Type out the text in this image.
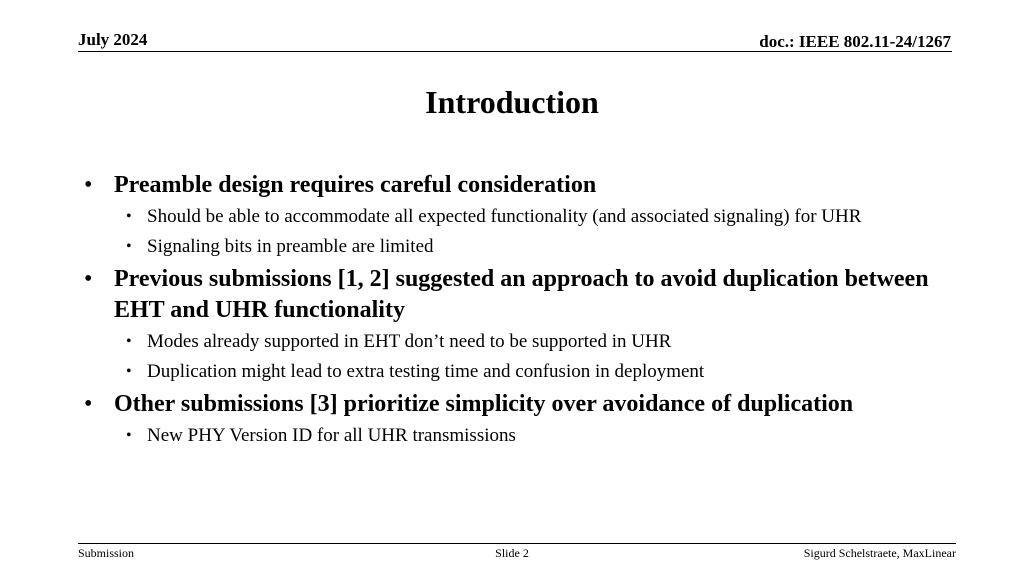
July 2024	doc.: IEEE 802.11-24/1267
Introduction
• Preamble design requires careful consideration
• Should be able to accommodate all expected functionality (and associated signaling) for UHR
• Signaling bits in preamble are limited
• Previous submissions [1, 2] suggested an approach to avoid duplication between EHT and UHR functionality
• Modes already supported in EHT don’t need to be supported in UHR
• Duplication might lead to extra testing time and confusion in deployment
• Other submissions [3] prioritize simplicity over avoidance of duplication
• New PHY Version ID for all UHR transmissions
Submission	Slide 2	Sigurd Schelstraete, MaxLinear
